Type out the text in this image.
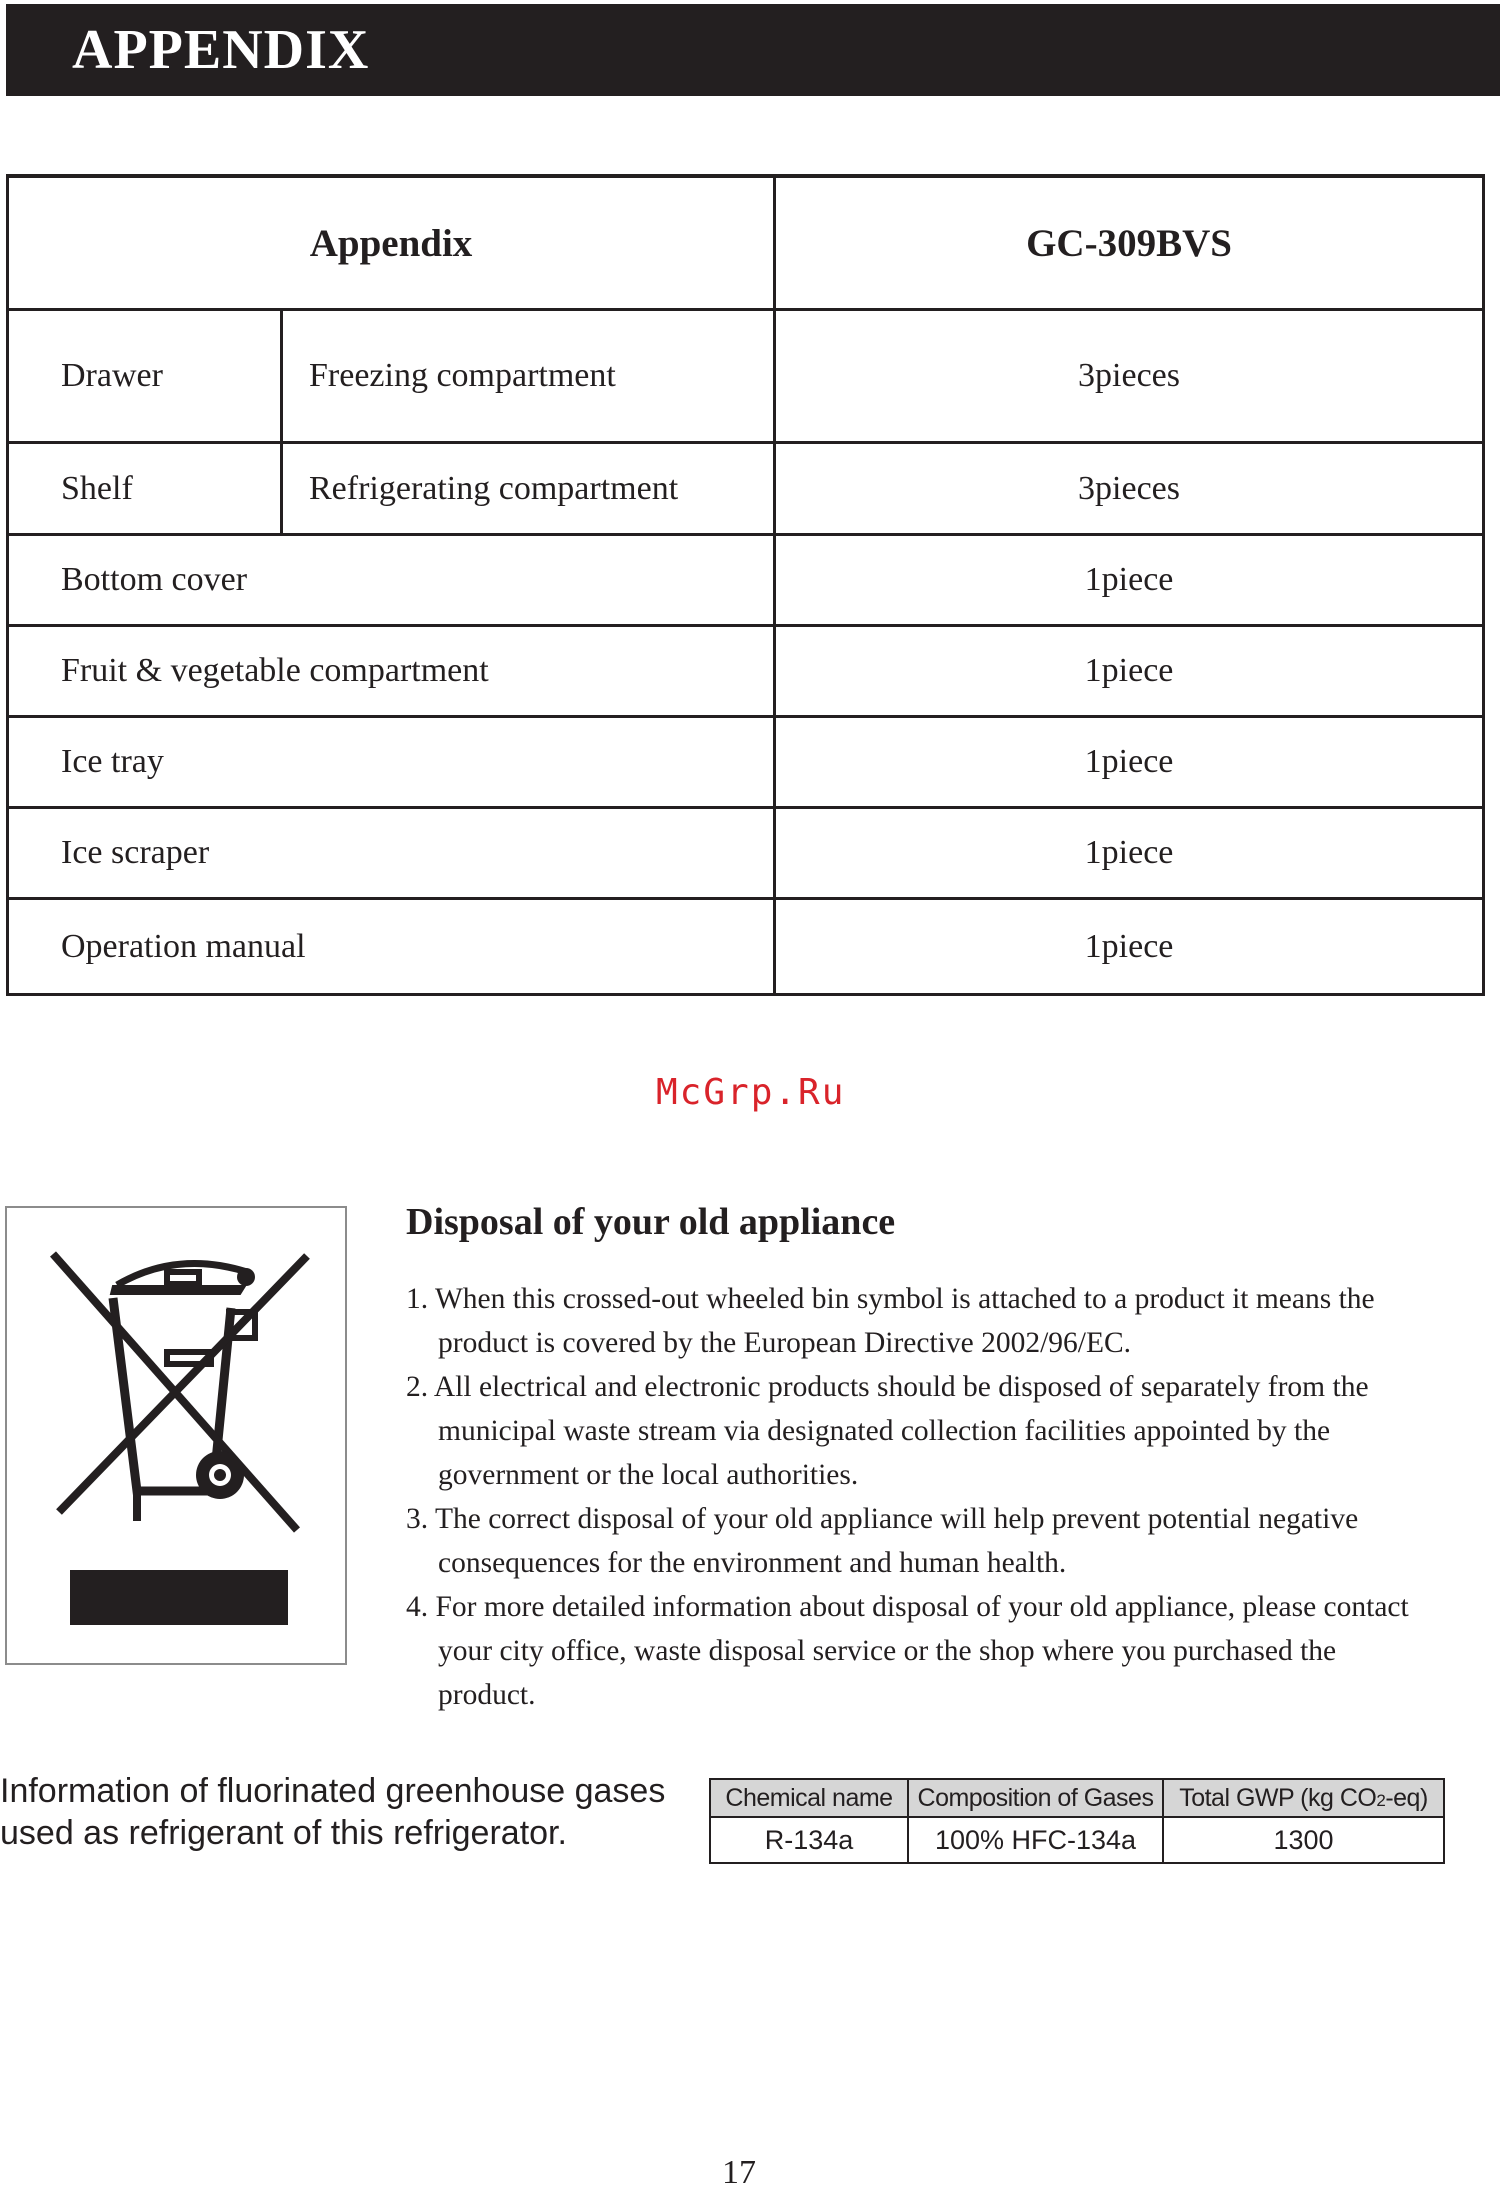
APPENDIX
Appendix		GC-309BVS
Drawer	Freezing compartment	3pieces
Shelf	Refrigerating compartment	3pieces
Bottom cover		1piece
Fruit & vegetable compartment		1piece
Ice tray		1piece
Ice scraper		1piece
Operation manual		1piece
McGrp.Ru
Disposal of your old appliance
1. When this crossed-out wheeled bin symbol is attached to a product it means the product is covered by the European Directive 2002/96/EC.
2. All electrical and electronic products should be disposed of separately from the municipal waste stream via designated collection facilities appointed by the government or the local authorities.
3. The correct disposal of your old appliance will help prevent potential negative consequences for the environment and human health.
4. For more detailed information about disposal of your old appliance, please contact your city office, waste disposal service or the shop where you purchased the product.
Information of fluorinated greenhouse gases
used as refrigerant of this refrigerator.
Chemical name	Composition of Gases	Total GWP (kg CO2-eq)
R-134a	100% HFC-134a	1300
17
